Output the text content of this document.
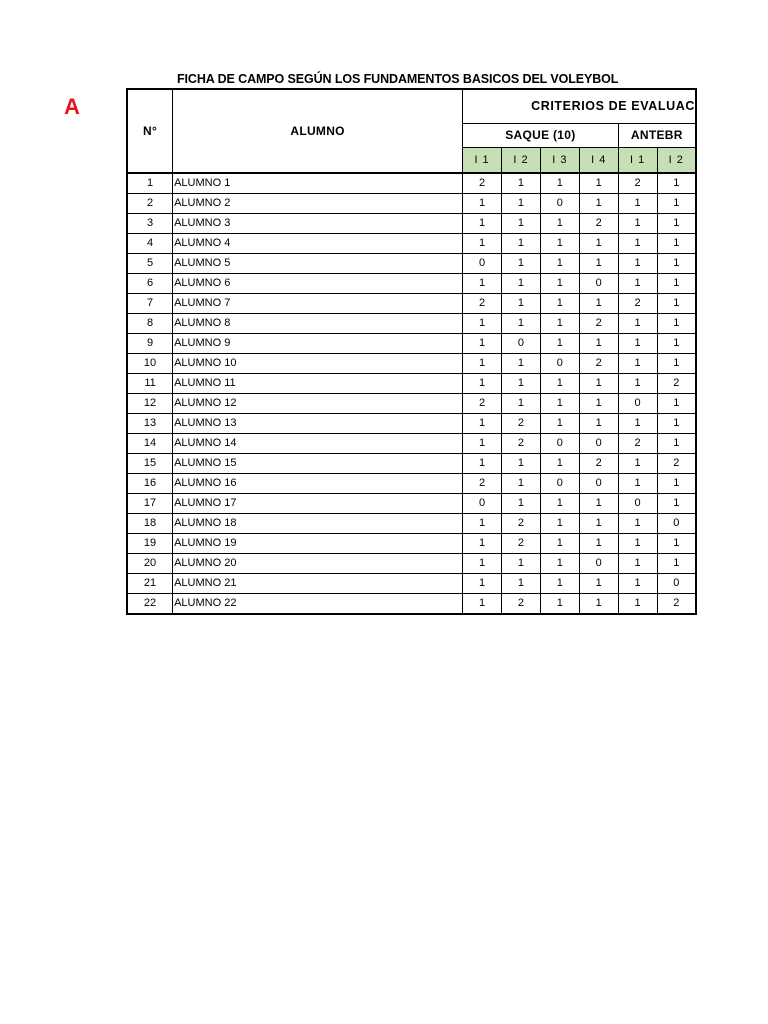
A
FICHA DE CAMPO SEGÚN LOS FUNDAMENTOS BASICOS DEL VOLEYBOL
N°	ALUMNO	CRITERIOS DE EVALUAC					
		SAQUE (10)				ANTEBR	
		I 1	I 2	I 3	I 4	I 1	I 2
1	ALUMNO 1	2	1	1	1	2	1
2	ALUMNO 2	1	1	0	1	1	1
3	ALUMNO 3	1	1	1	2	1	1
4	ALUMNO 4	1	1	1	1	1	1
5	ALUMNO 5	0	1	1	1	1	1
6	ALUMNO 6	1	1	1	0	1	1
7	ALUMNO 7	2	1	1	1	2	1
8	ALUMNO 8	1	1	1	2	1	1
9	ALUMNO 9	1	0	1	1	1	1
10	ALUMNO 10	1	1	0	2	1	1
11	ALUMNO 11	1	1	1	1	1	2
12	ALUMNO 12	2	1	1	1	0	1
13	ALUMNO 13	1	2	1	1	1	1
14	ALUMNO 14	1	2	0	0	2	1
15	ALUMNO 15	1	1	1	2	1	2
16	ALUMNO 16	2	1	0	0	1	1
17	ALUMNO 17	0	1	1	1	0	1
18	ALUMNO 18	1	2	1	1	1	0
19	ALUMNO 19	1	2	1	1	1	1
20	ALUMNO 20	1	1	1	0	1	1
21	ALUMNO 21	1	1	1	1	1	0
22	ALUMNO 22	1	2	1	1	1	2
